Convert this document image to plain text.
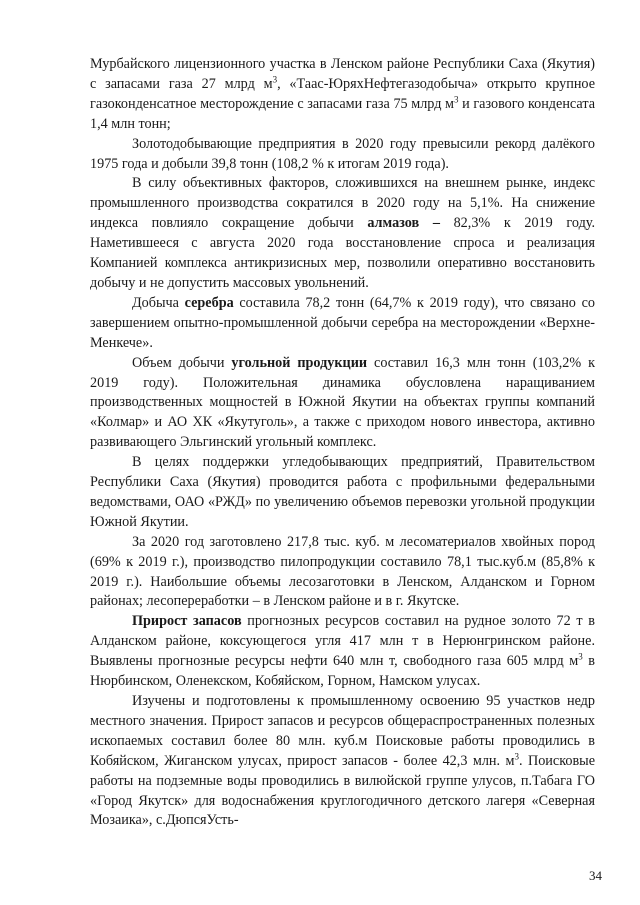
Мурбайского лицензионного участка в Ленском районе Республики Саха (Якутия) с запасами газа 27 млрд $м^3$, «Таас-ЮряхНефтегазодобыча» открыто крупное газоконденсатное месторождение с запасами газа 75 млрд $м^3$ и газового конденсата 1,4 млн тонн;

Золотодобывающие предприятия в 2020 году превысили рекорд далёкого 1975 года и добыли 39,8 тонн (108,2 % к итогам 2019 года).

В силу объективных факторов, сложившихся на внешнем рынке, индекс промышленного производства сократился в 2020 году на 5,1%. На снижение индекса повлияло сокращение добычи алмазов – 82,3% к 2019 году. Наметившееся с августа 2020 года восстановление спроса и реализация Компанией комплекса антикризисных мер, позволили оперативно восстановить добычу и не допустить массовых увольнений.

Добыча серебра составила 78,2 тонн (64,7% к 2019 году), что связано со завершением опытно-промышленной добычи серебра на месторождении «Верхне-Менкече».

Объем добычи угольной продукции составил 16,3 млн тонн (103,2% к 2019 году). Положительная динамика обусловлена наращиванием производственных мощностей в Южной Якутии на объектах группы компаний «Колмар» и АО ХК «Якутуголь», а также с приходом нового инвестора, активно развивающего Эльгинский угольный комплекс.

В целях поддержки угледобывающих предприятий, Правительством Республики Саха (Якутия) проводится работа с профильными федеральными ведомствами, ОАО «РЖД» по увеличению объемов перевозки угольной продукции Южной Якутии.

За 2020 год заготовлено 217,8 тыс. куб. м лесоматериалов хвойных пород (69% к 2019 г.), производство пилопродукции составило 78,1 тыс.куб.м (85,8% к 2019 г.). Наибольшие объемы лесозаготовки в Ленском, Алданском и Горном районах; лесопереработки – в Ленском районе и в г. Якутске.

Прирост запасов прогнозных ресурсов составил на рудное золото 72 т в Алданском районе, коксующегося угля 417 млн т в Нерюнгринском районе. Выявлены прогнозные ресурсы нефти 640 млн т, свободного газа 605 млрд $м^3$ в Нюрбинском, Оленекском, Кобяйском, Горном, Намском улусах.

Изучены и подготовлены к промышленному освоению 95 участков недр местного значения. Прирост запасов и ресурсов общераспространенных полезных ископаемых составил более 80 млн. куб.м Поисковые работы проводились в Кобяйском, Жиганском улусах, прирост запасов - более 42,3 млн. $м^3$. Поисковые работы на подземные воды проводились в вилюйской группе улусов, п.Табага ГО «Город Якутск» для водоснабжения круглогодичного детского лагеря «Северная Мозаика», с.ДюпсяУсть-

34
